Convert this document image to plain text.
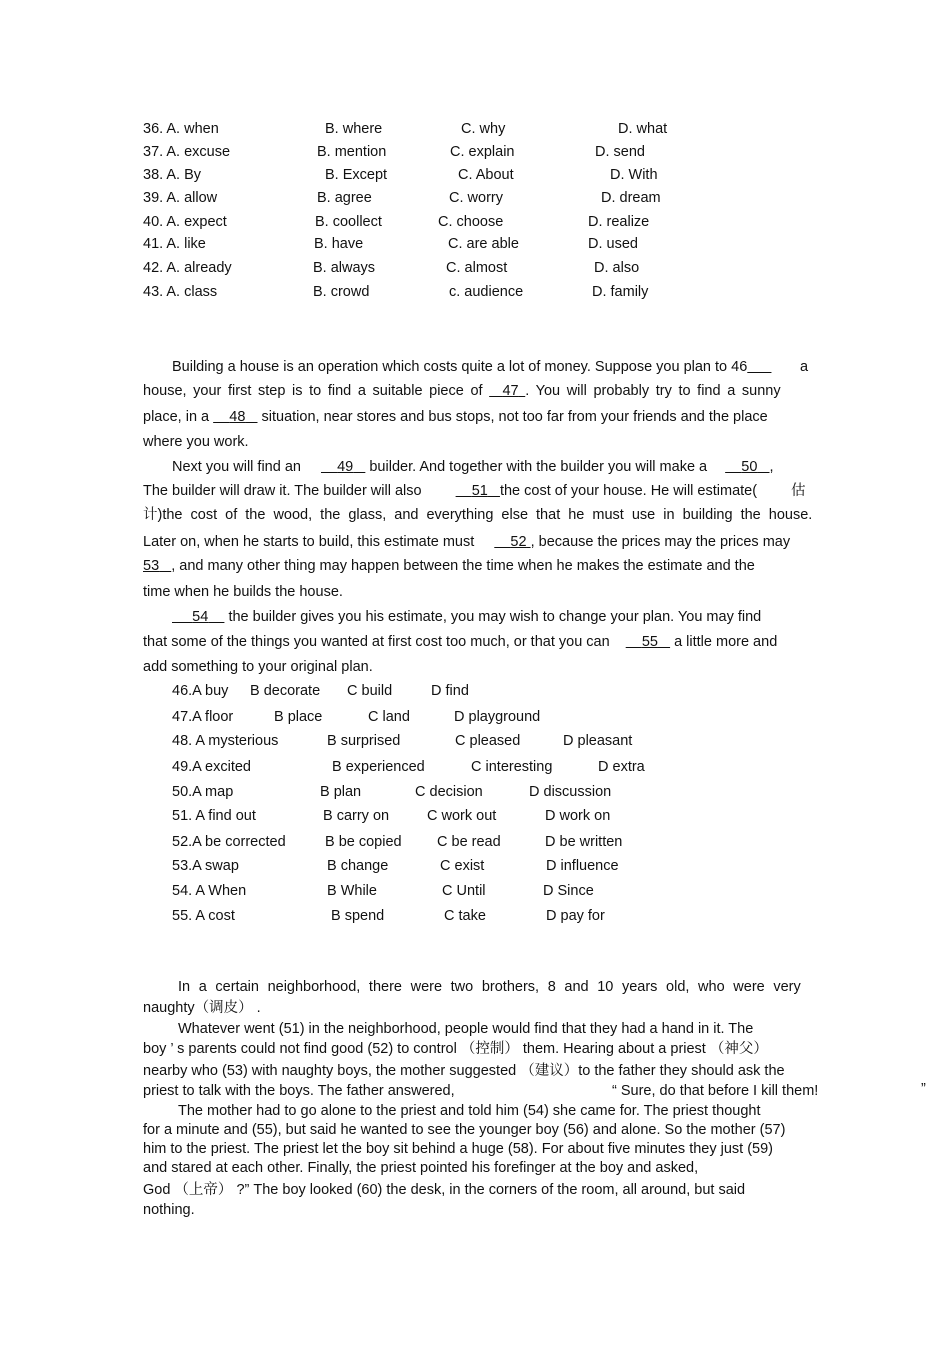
36. A. when	B. where	C. why	D. what
37. A. excuse	B. mention	C. explain	D. send
38. A. By	B. Except	C. About	D. With
39. A. allow	B. agree	C. worry	D. dream
40. A. expect	B. coollect	C. choose	D. realize
41. A. like	B. have	C. are able	D. used
42. A. already	B. always	C. almost	D. also
43. A. class	B. crowd	c. audience	D. family
Building a house is an operation which costs quite a lot of money. Suppose you plan to 46	a
house, your first step is to find a suitable piece of   47 . You will probably try to find a sunny
place, in a     48    situation, near stores and bus stops, not too far from your friends and the place
where you work.
Next you will find an     49    builder. And together with the builder you will make a     50 ,
The builder will draw it. The builder will also	51 the cost of your house. He will estimate( 估
计)the cost of the wood, the glass, and everything else that he must use in building the house.
Later on, when he starts to build, this estimate must     52 , because the prices may the prices may
53 , and many other thing may happen between the time when he makes the estimate and the
time when he builds the house.
54     the builder gives you his estimate, you may wish to change your plan. You may find
that some of the things you wanted at first cost too much, or that you can     55    a little more and
add something to your original plan.
46.A buy B decorate C build	D find
47.A floor	B place	C land	D playground
48. A mysterious	B surprised	C pleased	D pleasant
49.A excited	B experienced	C interesting	D extra
50.A map	B plan	C decision	D discussion
51. A find out	B carry on	C work out	D work on
52.A be corrected	B be copied C be read	D be written
53.A swap	B change	C exist	D influence
54. A When	B While	C Until	D Since
55. A cost	B spend	C take	D pay for
In a certain neighborhood, there were two brothers, 8 and 10 years old, who were very
naughty（调皮） .
Whatever went (51) in the neighborhood, people would find that they had a hand in it. The
boy ’ s parents could not find good (52) to control （控制） them. Hearing about a priest （神父）
nearby who (53) with naughty boys, the mother suggested （建议）to the father they should ask the
priest to talk with the boys. The father answered,	“ Sure, do that before I kill them!	”
The mother had to go alone to the priest and told him (54) she came for. The priest thought
for a minute and (55), but said he wanted to see the younger boy (56) and alone. So the mother (57)
him to the priest. The priest let the boy sit behind a huge (58). For about five minutes they just (59)
and stared at each other. Finally, the priest pointed his forefinger at the boy and asked,
God （上帝） ?” The boy looked (60) the desk, in the corners of the room, all around, but said
nothing.
